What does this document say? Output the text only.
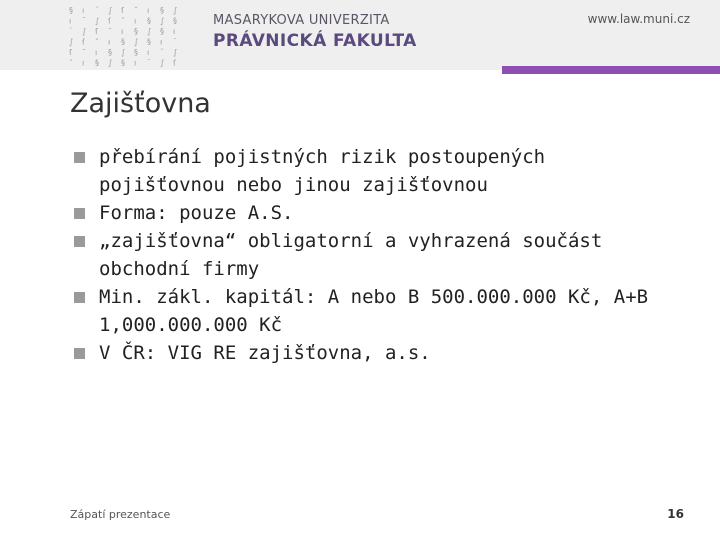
§ ı ¨ ∫ ſ ˘ ı § ∫
ı ¨ ∫ ſ ˘ ı § ∫ §
¨ ∫ ſ ˘ ı § ∫ § ı
∫ ſ ˘ ı § ∫ § ı ¨
ſ ˘ ı § ∫ § ı ¨ ∫
˘ ı § ∫ § ı ¨ ∫ ſ
MASARYKOVA UNIVERZITA
PRÁVNICKÁ FAKULTA
www.law.muni.cz
Zajišťovna
přebírání pojistných rizik postoupených pojišťovnou nebo jinou zajišťovnou
Forma: pouze A.S.
„zajišťovna“ obligatorní a vyhrazená součást obchodní firmy
Min. zákl. kapitál: A nebo B 500.000.000 Kč, A+B 1,000.000.000 Kč
V ČR: VIG RE zajišťovna, a.s.
Zápatí prezentace	16
